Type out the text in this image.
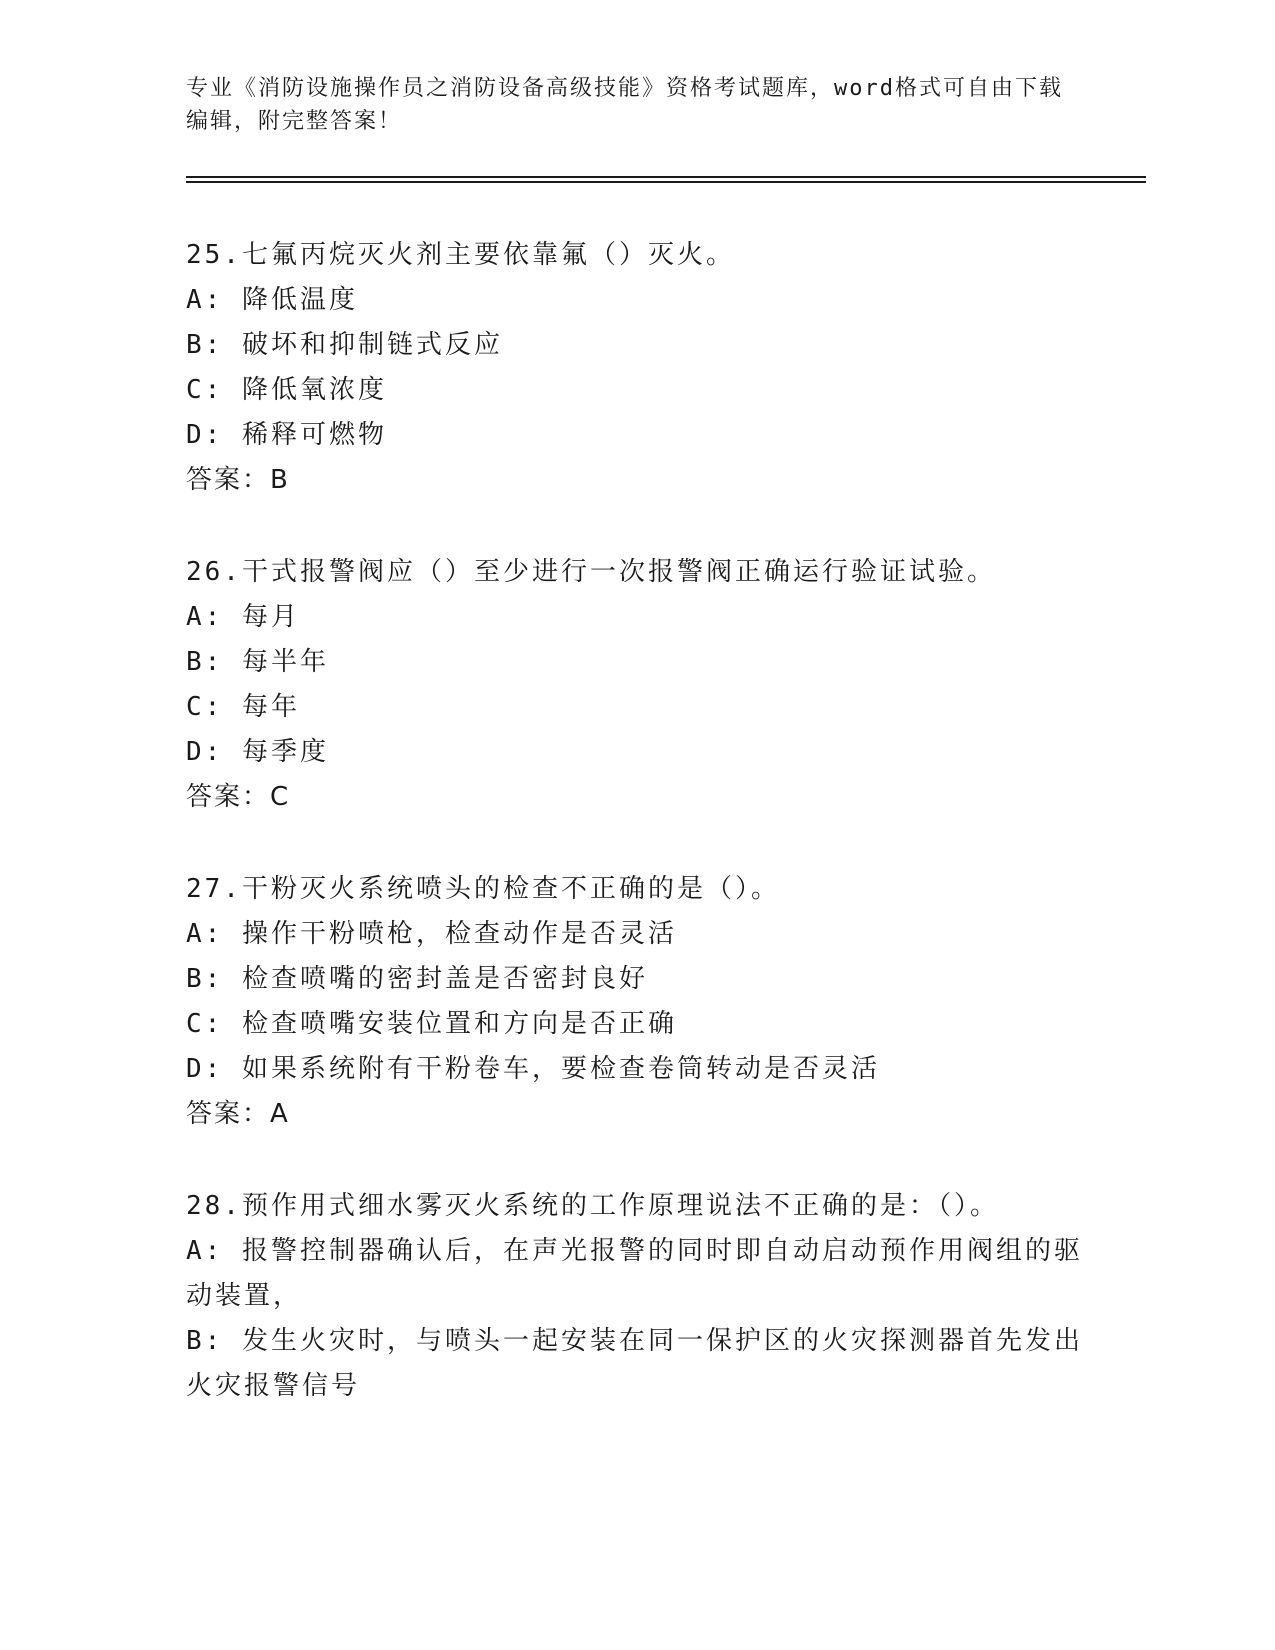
专业《消防设施操作员之消防设备高级技能》资格考试题库，word格式可自由下载编辑，附完整答案！
25.七氟丙烷灭火剂主要依靠氟（）灭火。
A: 降低温度
B: 破坏和抑制链式反应
C: 降低氧浓度
D: 稀释可燃物
答案：B
26.干式报警阀应（）至少进行一次报警阀正确运行验证试验。
A: 每月
B: 每半年
C: 每年
D: 每季度
答案：C
27.干粉灭火系统喷头的检查不正确的是（）。
A: 操作干粉喷枪，检查动作是否灵活
B: 检查喷嘴的密封盖是否密封良好
C: 检查喷嘴安装位置和方向是否正确
D: 如果系统附有干粉卷车，要检查卷筒转动是否灵活
答案：A
28.预作用式细水雾灭火系统的工作原理说法不正确的是：（）。
A: 报警控制器确认后，在声光报警的同时即自动启动预作用阀组的驱动装置，
B: 发生火灾时，与喷头一起安装在同一保护区的火灾探测器首先发出火灾报警信号
